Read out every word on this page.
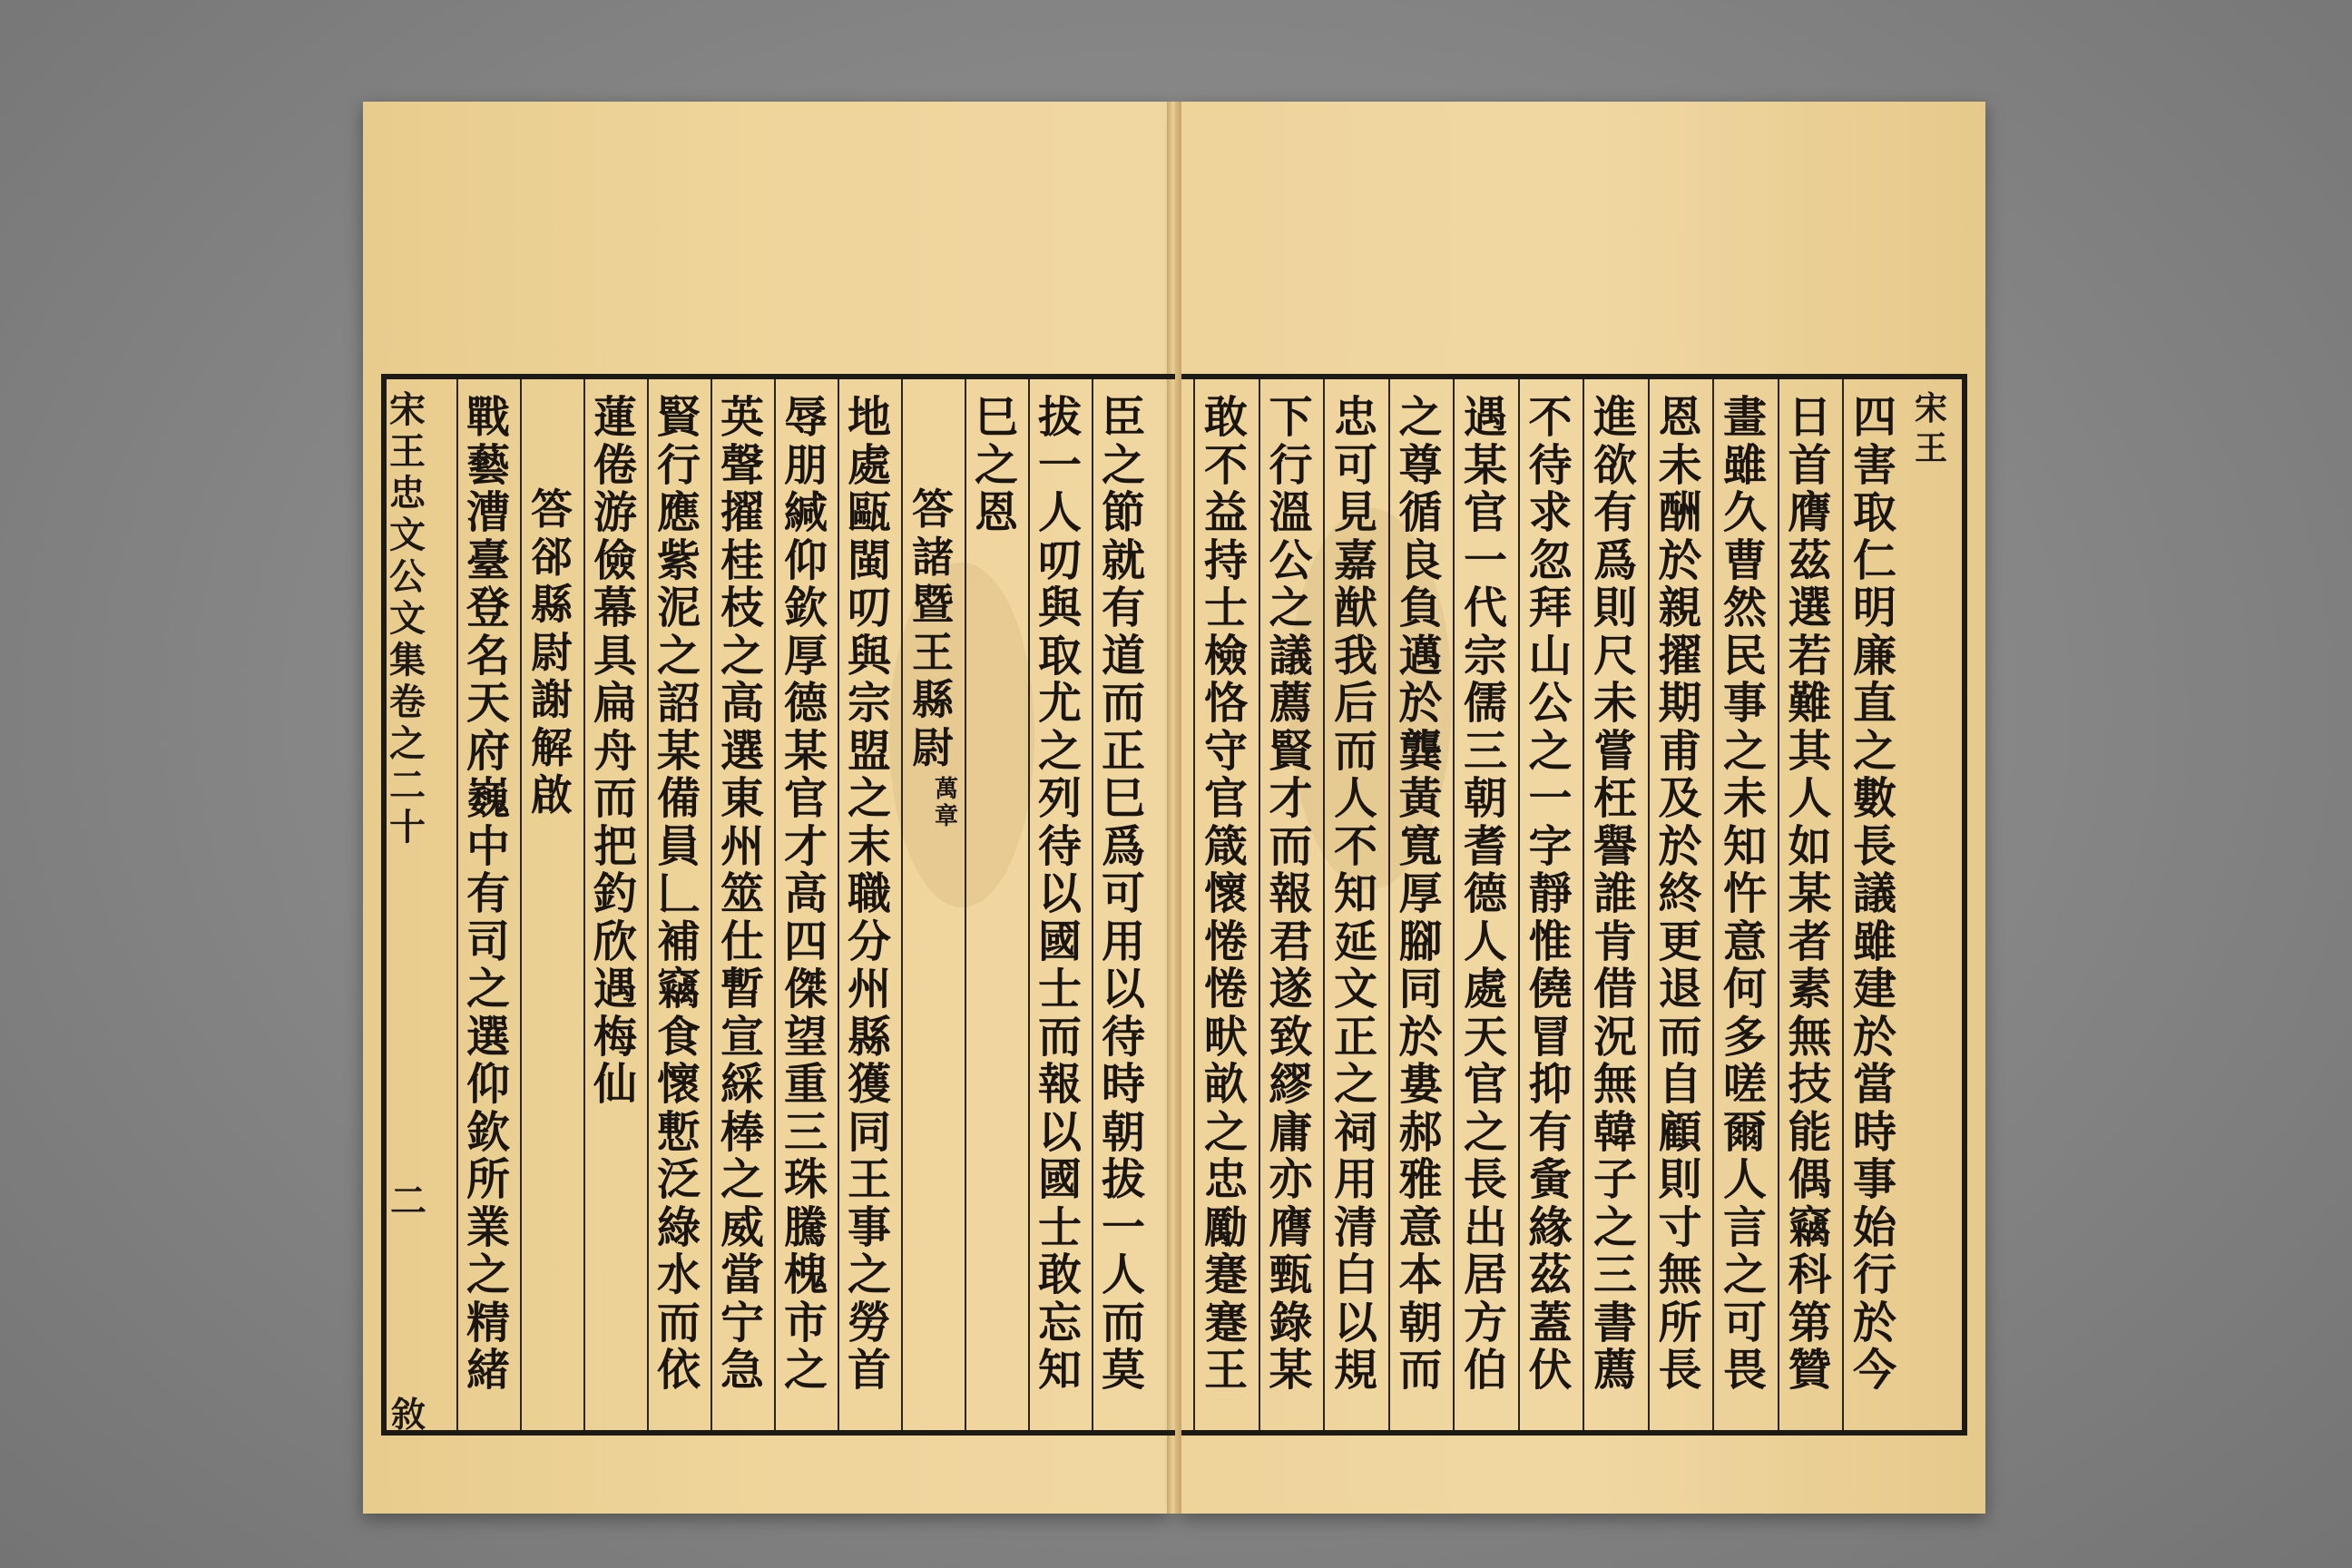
宋
王
忠
文
公
文
集
卷
之
二
十
宋
王
臣
之
節
就
有
道
而
正
巳
爲
可
用
以
待
時
朝
拔
一
人
而
莫
拔
一
人
叨
與
取
尤
之
列
待
以
國
士
而
報
以
國
士
敢
忘
知
巳
之
恩
答
諸
暨
王
縣
尉
萬
章
地
處
甌
閩
叨
與
宗
盟
之
末
職
分
州
縣
獲
同
王
事
之
勞
首
辱
朋
緘
仰
欽
厚
德
某
官
才
高
四
傑
望
重
三
珠
騰
槐
市
之
英
聲
擢
桂
枝
之
高
選
東
州
筮
仕
暫
宣
綵
棒
之
威
當
宁
急
賢
行
應
紫
泥
之
詔
某
備
員
𠃊
補
竊
食
懷
慙
泛
綠
水
而
依
蓮
倦
游
儉
幕
具
扁
舟
而
把
釣
欣
遇
梅
仙
答
郤
縣
尉
謝
解
啟
戰
藝
漕
臺
登
名
天
府
巍
中
有
司
之
選
仰
欽
所
業
之
精
緒
四
害
取
仁
明
廉
直
之
數
長
議
雖
建
於
當
時
事
始
行
於
今
日
首
膺
茲
選
若
難
其
人
如
某
者
素
無
技
能
偶
竊
科
第
贊
畫
雖
久
曹
然
民
事
之
未
知
忤
意
何
多
嗟
爾
人
言
之
可
畏
恩
未
酬
於
親
擢
期
甫
及
於
終
更
退
而
自
顧
則
寸
無
所
長
進
欲
有
爲
則
尺
未
嘗
枉
譽
誰
肯
借
況
無
韓
子
之
三
書
薦
不
待
求
忽
拜
山
公
之
一
字
靜
惟
僥
冒
抑
有
夤
緣
茲
蓋
伏
遇
某
官
一
代
宗
儒
三
朝
耆
德
人
處
天
官
之
長
出
居
方
伯
之
尊
循
良
負
邁
於
龔
黃
寬
厚
腳
同
於
婁
郝
雅
意
本
朝
而
忠
可
見
嘉
猷
我
后
而
人
不
知
延
文
正
之
祠
用
清
白
以
規
下
行
溫
公
之
議
薦
賢
才
而
報
君
遂
致
繆
庸
亦
膺
甄
錄
某
敢
不
益
持
士
檢
恪
守
官
箴
懷
惓
惓
畎
畝
之
忠
勵
蹇
蹇
王
二
敘
